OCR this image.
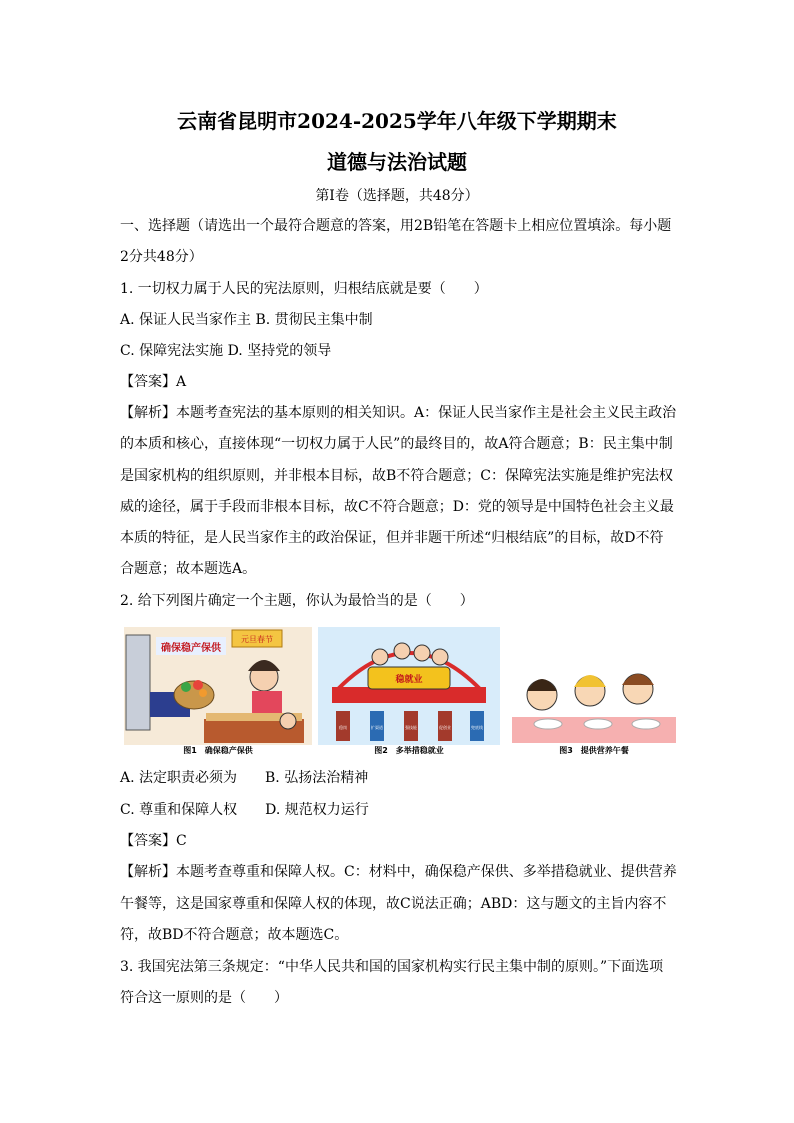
云南省昆明市2024-2025学年八年级下学期期末
道德与法治试题
第Ⅰ卷（选择题，共48分）
一、选择题（请选出一个最符合题意的答案，用2B铅笔在答题卡上相应位置填涂。每小题
2分共48分）
1. 一切权力属于人民的宪法原则，归根结底就是要（　　）
A. 保证人民当家作主 B. 贯彻民主集中制
C. 保障宪法实施 D. 坚持党的领导
【答案】A
【解析】本题考查宪法的基本原则的相关知识。A：保证人民当家作主是社会主义民主政治
的本质和核心，直接体现“一切权力属于人民”的最终目的，故A符合题意；B：民主集中制
是国家机构的组织原则，并非根本目标，故B不符合题意；C：保障宪法实施是维护宪法权
威的途径，属于手段而非根本目标，故C不符合题意；D：党的领导是中国特色社会主义最
本质的特征，是人民当家作主的政治保证，但并非题干所述“归根结底”的目标，故D不符
合题意；故本题选A。
2. 给下列图片确定一个主题，你认为最恰当的是（　　）
确保稳产保供
元旦春节
图1　确保稳产保供
稳就业
稳岗	扩渠道	强技能	促创业	兜底线
图2　多举措稳就业	图3　提供营养午餐
A. 法定职责必须为　　B. 弘扬法治精神
C. 尊重和保障人权　　D. 规范权力运行
【答案】C
【解析】本题考查尊重和保障人权。C：材料中，确保稳产保供、多举措稳就业、提供营养
午餐等，这是国家尊重和保障人权的体现，故C说法正确；ABD：这与题文的主旨内容不
符，故BD不符合题意；故本题选C。
3. 我国宪法第三条规定：“中华人民共和国的国家机构实行民主集中制的原则。”下面选项
符合这一原则的是（　　）
